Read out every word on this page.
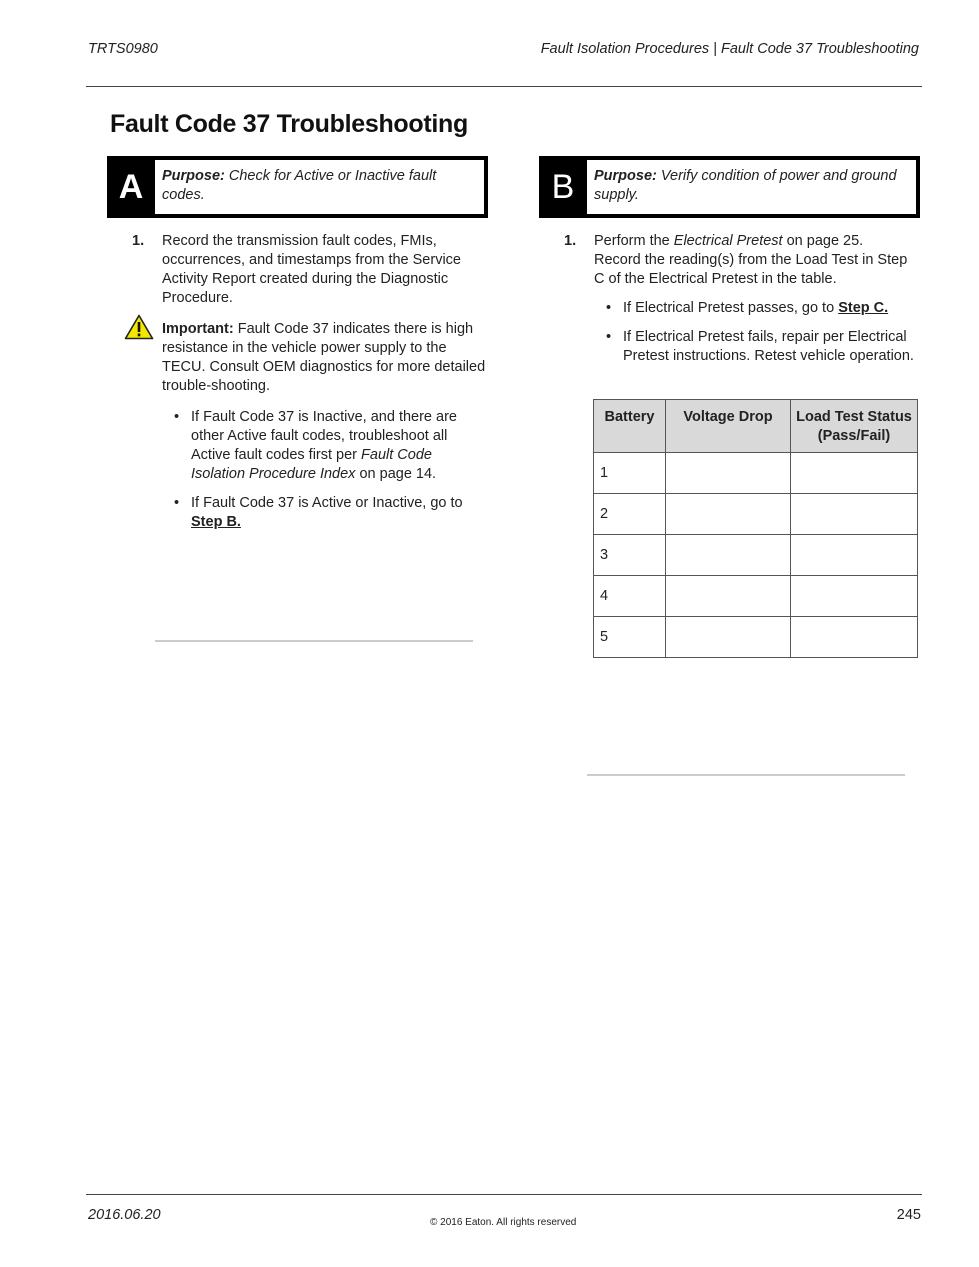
TRTS0980	Fault Isolation Procedures | Fault Code 37 Troubleshooting
Fault Code 37 Troubleshooting
A	Purpose: Check for Active or Inactive fault codes.
1. Record the transmission fault codes, FMIs, occurrences, and timestamps from the Service Activity Report created during the Diagnostic Procedure.
Important: Fault Code 37 indicates there is high resistance in the vehicle power supply to the TECU. Consult OEM diagnostics for more detailed trouble-shooting.
• If Fault Code 37 is Inactive, and there are other Active fault codes, troubleshoot all Active fault codes first per Fault Code Isolation Procedure Index on page 14.
• If Fault Code 37 is Active or Inactive, go to Step B.
B	Purpose: Verify condition of power and ground supply.
1. Perform the Electrical Pretest on page 25. Record the reading(s) from the Load Test in Step C of the Electrical Pretest in the table.
• If Electrical Pretest passes, go to Step C.
• If Electrical Pretest fails, repair per Electrical Pretest instructions. Retest vehicle operation.
Battery	Voltage Drop	Load Test Status (Pass/Fail)
1		
2		
3		
4		
5		
2016.06.20	© 2016 Eaton. All rights reserved	245
